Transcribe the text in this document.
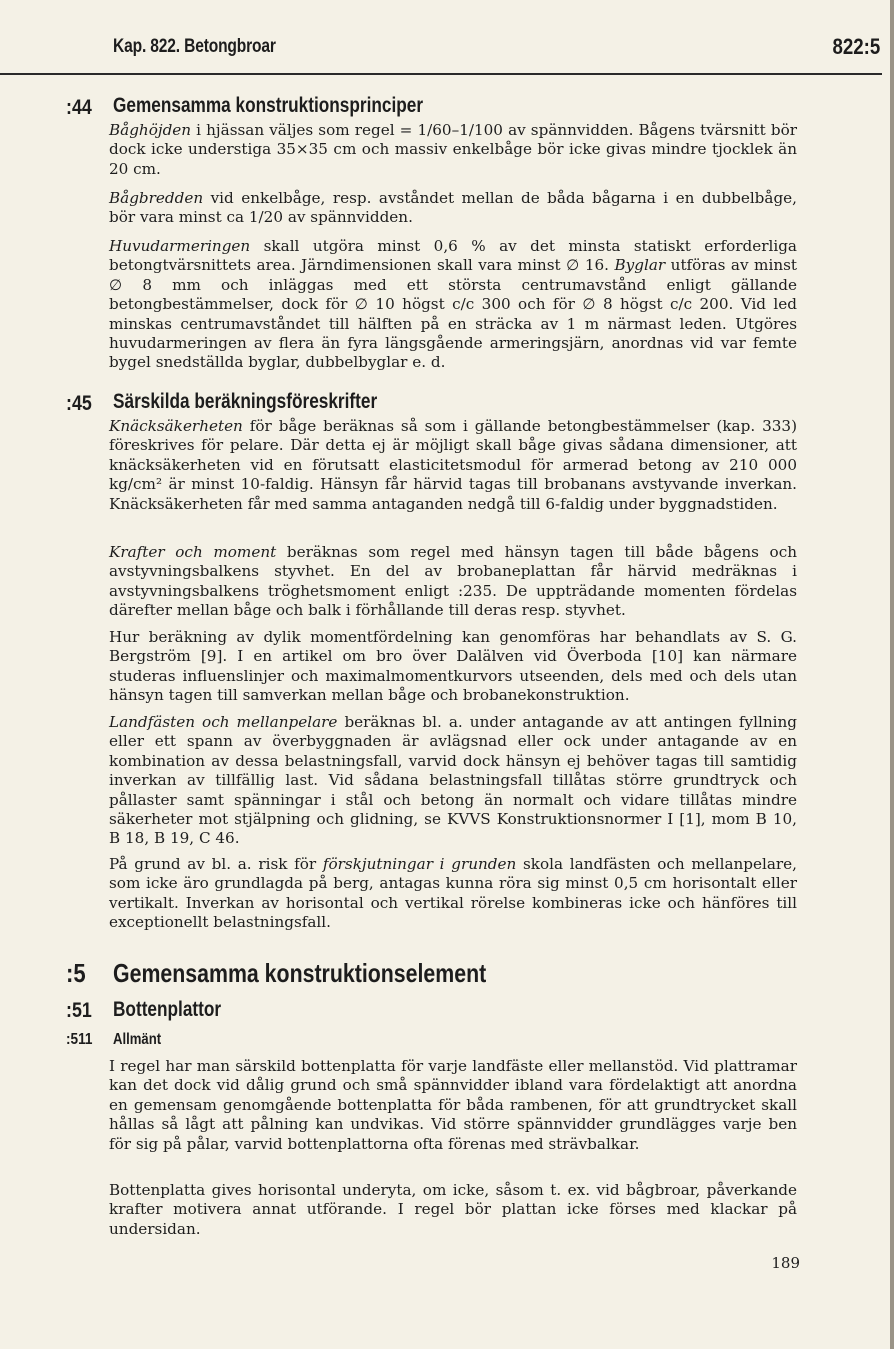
Kap. 822. Betongbroar	822:5
:44 Gemensamma konstruktionsprinciper
Båghöjden i hjässan väljes som regel = 1/60–1/100 av spännvidden. Bågens tvärsnitt bör dock icke understiga 35×35 cm och massiv enkelbåge bör icke givas mindre tjocklek än 20 cm.
Bågbredden vid enkelbåge, resp. avståndet mellan de båda bågarna i en dubbelbåge, bör vara minst ca 1/20 av spännvidden.
Huvudarmeringen skall utgöra minst 0,6 % av det minsta statiskt erforderliga betongtvärsnittets area. Järndimensionen skall vara minst ∅ 16. Byglar utföras av minst ∅ 8 mm och inläggas med ett största centrumavstånd enligt gällande betongbestämmelser, dock för ∅ 10 högst c/c 300 och för ∅ 8 högst c/c 200. Vid led minskas centrumavståndet till hälften på en sträcka av 1 m närmast leden. Utgöres huvudarmeringen av flera än fyra längsgående armeringsjärn, anordnas vid var femte bygel snedställda byglar, dubbelbyglar e. d.
:45 Särskilda beräkningsföreskrifter
Knäcksäkerheten för båge beräknas så som i gällande betongbestämmelser (kap. 333) föreskrives för pelare. Där detta ej är möjligt skall båge givas sådana dimensioner, att knäcksäkerheten vid en förutsatt elasticitetsmodul för armerad betong av 210 000 kg/cm² är minst 10-faldig. Hänsyn får härvid tagas till brobanans avstyvande inverkan. Knäcksäkerheten får med samma antaganden nedgå till 6-faldig under byggnadstiden.
Krafter och moment beräknas som regel med hänsyn tagen till både bågens och avstyvningsbalkens styvhet. En del av brobaneplattan får härvid medräknas i avstyvningsbalkens tröghetsmoment enligt :235. De uppträdande momenten fördelas därefter mellan båge och balk i förhållande till deras resp. styvhet.
Hur beräkning av dylik momentfördelning kan genomföras har behandlats av S. G. Bergström [9]. I en artikel om bro över Dalälven vid Överboda [10] kan närmare studeras influenslinjer och maximalmomentkurvors utseenden, dels med och dels utan hänsyn tagen till samverkan mellan båge och brobanekonstruktion.
Landfästen och mellanpelare beräknas bl. a. under antagande av att antingen fyllning eller ett spann av överbyggnaden är avlägsnad eller ock under antagande av en kombination av dessa belastningsfall, varvid dock hänsyn ej behöver tagas till samtidig inverkan av tillfällig last. Vid sådana belastningsfall tillåtas större grundtryck och pållaster samt spänningar i stål och betong än normalt och vidare tillåtas mindre säkerheter mot stjälpning och glidning, se KVVS Konstruktionsnormer I [1], mom B 10, B 18, B 19, C 46.
På grund av bl. a. risk för förskjutningar i grunden skola landfästen och mellanpelare, som icke äro grundlagda på berg, antagas kunna röra sig minst 0,5 cm horisontalt eller vertikalt. Inverkan av horisontal och vertikal rörelse kombineras icke och hänföres till exceptionellt belastningsfall.
:5 Gemensamma konstruktionselement
:51 Bottenplattor
:511 Allmänt
I regel har man särskild bottenplatta för varje landfäste eller mellanstöd. Vid plattramar kan det dock vid dålig grund och små spännvidder ibland vara fördelaktigt att anordna en gemensam genomgående bottenplatta för båda rambenen, för att grundtrycket skall hållas så lågt att pålning kan undvikas. Vid större spännvidder grundlägges varje ben för sig på pålar, varvid bottenplattorna ofta förenas med strävbalkar.
Bottenplatta gives horisontal underyta, om icke, såsom t. ex. vid bågbroar, påverkande krafter motivera annat utförande. I regel bör plattan icke förses med klackar på undersidan.
189
